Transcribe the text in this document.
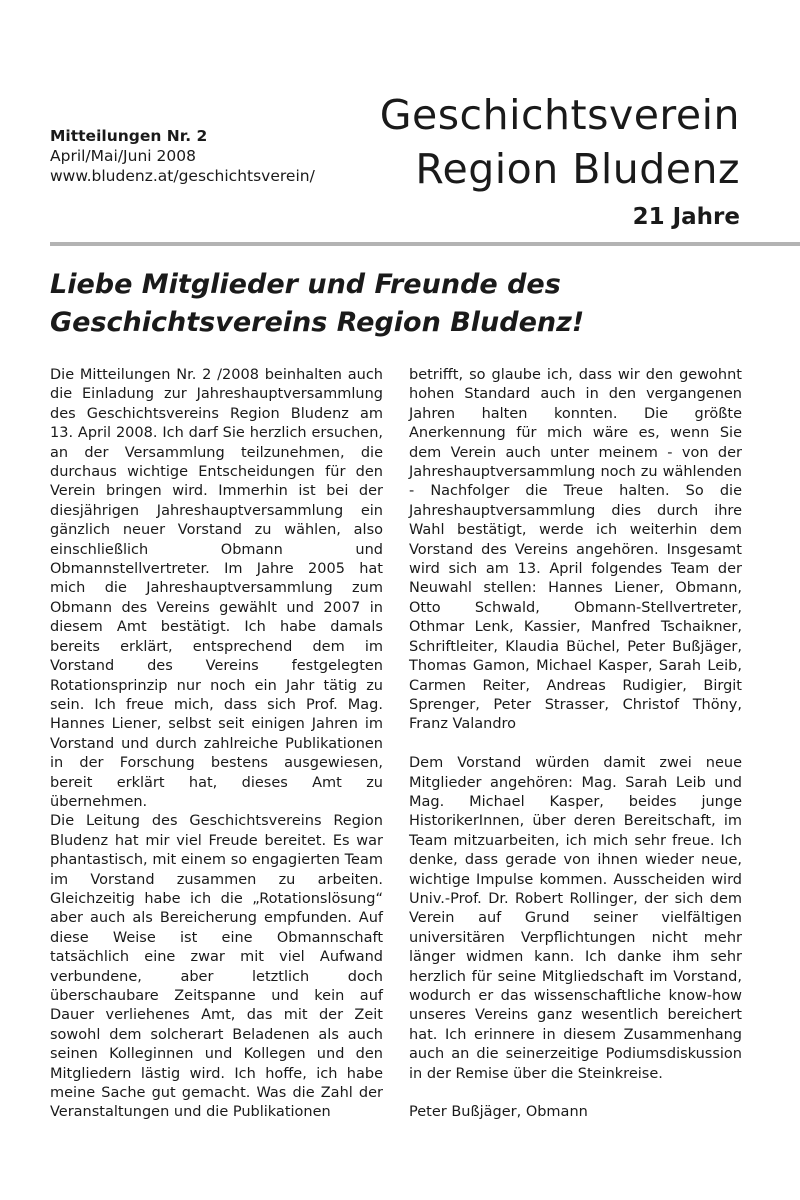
Mitteilungen Nr. 2
April/Mai/Juni 2008
www.bludenz.at/geschichtsverein/
Geschichtsverein
Region Bludenz
21 Jahre
Liebe Mitglieder und Freunde des Geschichtsvereins Region Bludenz!

Die Mitteilungen Nr. 2 /2008 beinhalten auch die Einladung zur Jahreshauptversammlung des Geschichtsvereins Region Bludenz am 13. April 2008. Ich darf Sie herzlich ersuchen, an der Versammlung teilzunehmen, die durchaus wichtige Entscheidungen für den Verein bringen wird. Immerhin ist bei der diesjährigen Jahreshauptversammlung ein gänzlich neuer Vorstand zu wählen, also einschließlich Obmann und Obmannstellvertreter. Im Jahre 2005 hat mich die Jahreshauptversammlung zum Obmann des Vereins gewählt und 2007 in diesem Amt bestätigt. Ich habe damals bereits erklärt, entsprechend dem im Vorstand des Vereins festgelegten Rotationsprinzip nur noch ein Jahr tätig zu sein. Ich freue mich, dass sich Prof. Mag. Hannes Liener, selbst seit einigen Jahren im Vorstand und durch zahlreiche Publikationen in der Forschung bestens ausgewiesen, bereit erklärt hat, dieses Amt zu übernehmen.

Die Leitung des Geschichtsvereins Region Bludenz hat mir viel Freude bereitet. Es war phantastisch, mit einem so engagierten Team im Vorstand zusammen zu arbeiten. Gleichzeitig habe ich die „Rotationslösung“ aber auch als Bereicherung empfunden. Auf diese Weise ist eine Obmannschaft tatsächlich eine zwar mit viel Aufwand verbundene, aber letztlich doch überschaubare Zeitspanne und kein auf Dauer verliehenes Amt, das mit der Zeit sowohl dem solcherart Beladenen als auch seinen Kolleginnen und Kollegen und den Mitgliedern lästig wird. Ich hoffe, ich habe meine Sache gut gemacht. Was die Zahl der Veranstaltungen und die Publikationen

betrifft, so glaube ich, dass wir den gewohnt hohen Standard auch in den vergangenen Jahren halten konnten. Die größte Anerkennung für mich wäre es, wenn Sie dem Verein auch unter meinem - von der Jahreshauptversammlung noch zu wählenden - Nachfolger die Treue halten. So die Jahreshauptversammlung dies durch ihre Wahl bestätigt, werde ich weiterhin dem Vorstand des Vereins angehören. Insgesamt wird sich am 13. April folgendes Team der Neuwahl stellen: Hannes Liener, Obmann, Otto Schwald, Obmann-Stellvertreter, Othmar Lenk, Kassier, Manfred Tschaikner, Schriftleiter, Klaudia Büchel, Peter Bußjäger, Thomas Gamon, Michael Kasper, Sarah Leib, Carmen Reiter, Andreas Rudigier, Birgit Sprenger, Peter Strasser, Christof Thöny, Franz Valandro

Dem Vorstand würden damit zwei neue Mitglieder angehören: Mag. Sarah Leib und Mag. Michael Kasper, beides junge HistorikerInnen, über deren Bereitschaft, im Team mitzuarbeiten, ich mich sehr freue. Ich denke, dass gerade von ihnen wieder neue, wichtige Impulse kommen. Ausscheiden wird Univ.-Prof. Dr. Robert Rollinger, der sich dem Verein auf Grund seiner vielfältigen universitären Verpflichtungen nicht mehr länger widmen kann. Ich danke ihm sehr herzlich für seine Mitgliedschaft im Vorstand, wodurch er das wissenschaftliche know-how unseres Vereins ganz wesentlich bereichert hat. Ich erinnere in diesem Zusammenhang auch an die seinerzeitige Podiumsdiskussion in der Remise über die Steinkreise.

Peter Bußjäger, Obmann
